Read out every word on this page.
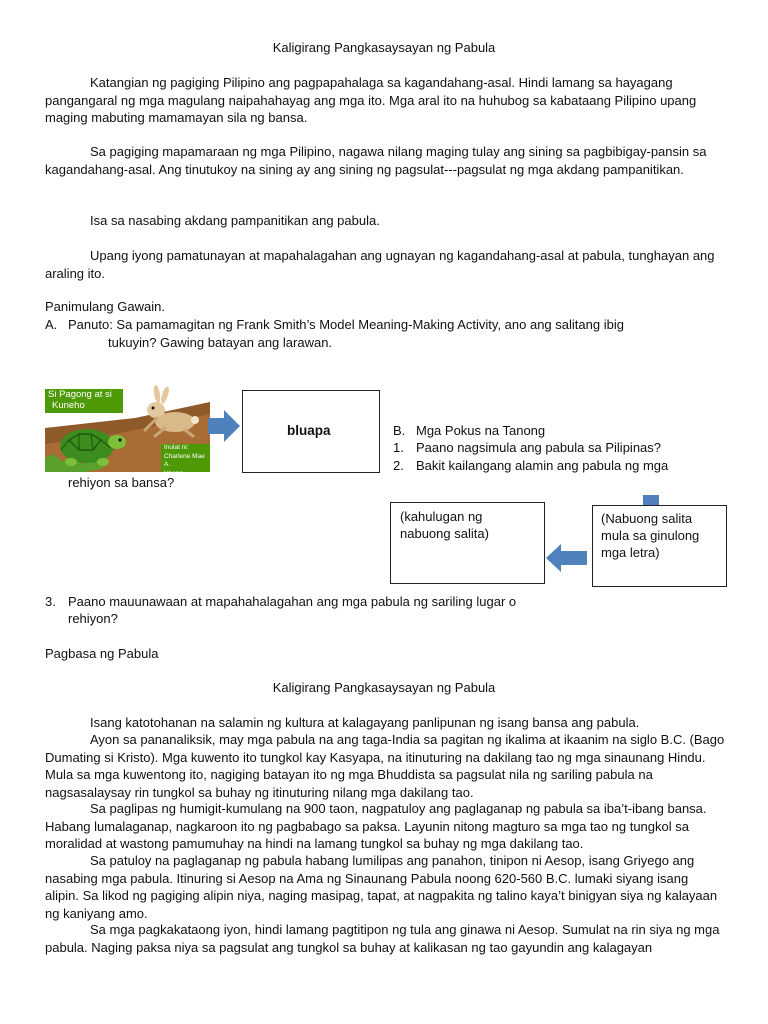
Kaligirang Pangkasaysayan ng Pabula

Katangian ng pagiging Pilipino ang pagpapahalaga sa kagandahang-asal. Hindi lamang sa hayagang pangangaral ng mga magulang naipahahayag ang mga ito. Mga aral ito na huhubog sa kabataang Pilipino upang maging mabuting mamamayan sila ng bansa.

Sa pagiging mapamaraan ng mga Pilipino, nagawa nilang maging tulay ang sining sa pagbibigay-pansin sa kagandahang-asal. Ang tinutukoy na sining ay ang sining ng pagsulat---pagsulat ng mga akdang pampanitikan.

Isa sa nasabing akdang pampanitikan ang pabula.

Upang iyong pamatunayan at mapahalagahan ang ugnayan ng kagandahang-asal at pabula, tunghayan ang araling ito.

Panimulang Gawain.
A. Panuto: Sa pamamagitan ng Frank Smith’s Model Meaning-Making Activity, ano ang salitang ibig
tukuyin? Gawing batayan ang larawan.
Si Pagong at si
Kuneho
Inulat ni:
Charlene Mae A.
Upano
bluapa	B. Mga Pokus na Tanong
1. Paano nagsimula ang pabula sa Pilipinas?
2. Bakit kailangang alamin ang pabula ng mga
rehiyon sa bansa?
(kahulugan ng
nabuong salita)
(Nabuong salita
mula sa ginulong
mga letra)
3. Paano mauunawaan at mapahahalagahan ang mga pabula ng sariling lugar o
rehiyon?
Pagbasa ng Pabula
Kaligirang Pangkasaysayan ng Pabula

Isang katotohanan na salamin ng kultura at kalagayang panlipunan ng isang bansa ang pabula.

Ayon sa pananaliksik, may mga pabula na ang taga-India sa pagitan ng ikalima at ikaanim na siglo B.C. (Bago Dumating si Kristo). Mga kuwento ito tungkol kay Kasyapa, na itinuturing na dakilang tao ng mga sinaunang Hindu. Mula sa mga kuwentong ito, nagiging batayan ito ng mga Bhuddista sa pagsulat nila ng sariling pabula na nagsasalaysay rin tungkol sa buhay ng itinuturing nilang mga dakilang tao.

Sa paglipas ng humigit-kumulang na 900 taon, nagpatuloy ang paglaganap ng pabula sa iba’t-ibang bansa. Habang lumalaganap, nagkaroon ito ng pagbabago sa paksa. Layunin nitong magturo sa mga tao ng tungkol sa moralidad at wastong pamumuhay na hindi na lamang tungkol sa buhay ng mga dakilang tao.

Sa patuloy na paglaganap ng pabula habang lumilipas ang panahon, tinipon ni Aesop, isang Griyego ang nasabing mga pabula. Itinuring si Aesop na Ama ng Sinaunang Pabula noong 620-560 B.C. lumaki siyang isang alipin. Sa likod ng pagiging alipin niya, naging masipag, tapat, at nagpakita ng talino kaya’t binigyan siya ng kalayaan ng kaniyang amo.

Sa mga pagkakataong iyon, hindi lamang pagtitipon ng tula ang ginawa ni Aesop. Sumulat na rin siya ng mga pabula. Naging paksa niya sa pagsulat ang tungkol sa buhay at kalikasan ng tao gayundin ang kalagayan
